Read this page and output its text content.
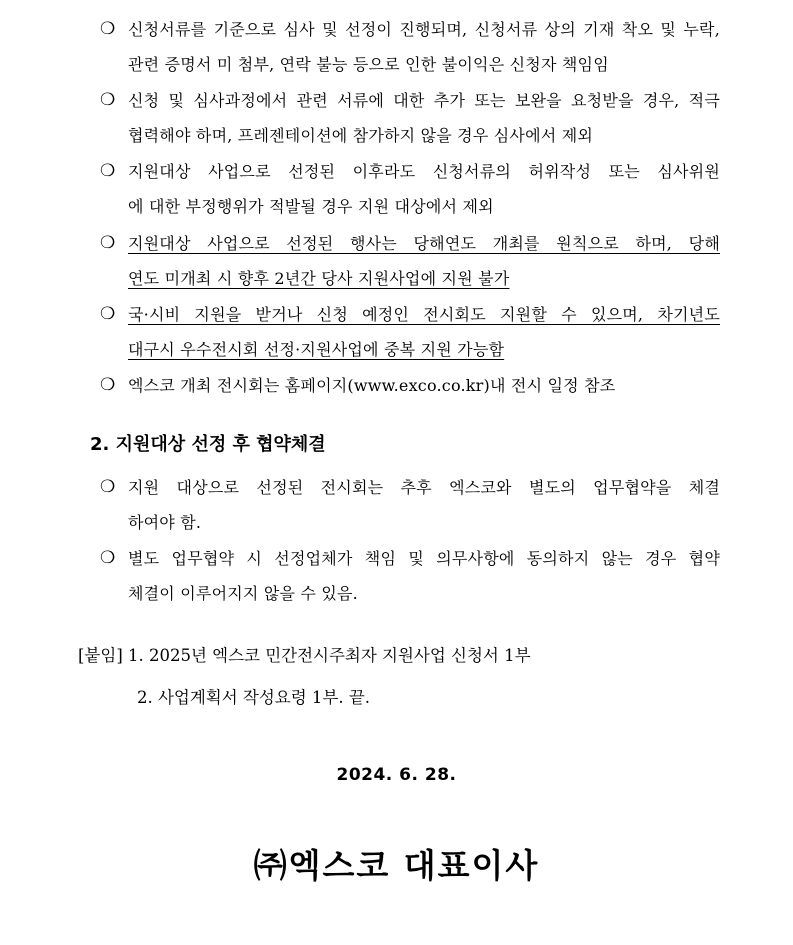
❍ 신청서류를 기준으로 심사 및 선정이 진행되며, 신청서류 상의 기재 착오 및 누락,
관련 증명서 미 첨부, 연락 불능 등으로 인한 불이익은 신청자 책임임
❍ 신청 및 심사과정에서 관련 서류에 대한 추가 또는 보완을 요청받을 경우, 적극
협력해야 하며, 프레젠테이션에 참가하지 않을 경우 심사에서 제외
❍ 지원대상 사업으로 선정된 이후라도 신청서류의 허위작성 또는 심사위원
에 대한 부정행위가 적발될 경우 지원 대상에서 제외
❍ 지원대상 사업으로 선정된 행사는 당해연도 개최를 원칙으로 하며, 당해
연도 미개최 시 향후 2년간 당사 지원사업에 지원 불가
❍ 국·시비 지원을 받거나 신청 예정인 전시회도 지원할 수 있으며, 차기년도
대구시 우수전시회 선정·지원사업에 중복 지원 가능함
❍ 엑스코 개최 전시회는 홈페이지(www.exco.co.kr)내 전시 일정 참조
2. 지원대상 선정 후 협약체결
❍ 지원 대상으로 선정된 전시회는 추후 엑스코와 별도의 업무협약을 체결
하여야 함.
❍ 별도 업무협약 시 선정업체가 책임 및 의무사항에 동의하지 않는 경우 협약
체결이 이루어지지 않을 수 있음.
[붙임] 1. 2025년 엑스코 민간전시주최자 지원사업 신청서 1부
2. 사업계획서 작성요령 1부. 끝.
2024. 6. 28.
㈜엑스코 대표이사
